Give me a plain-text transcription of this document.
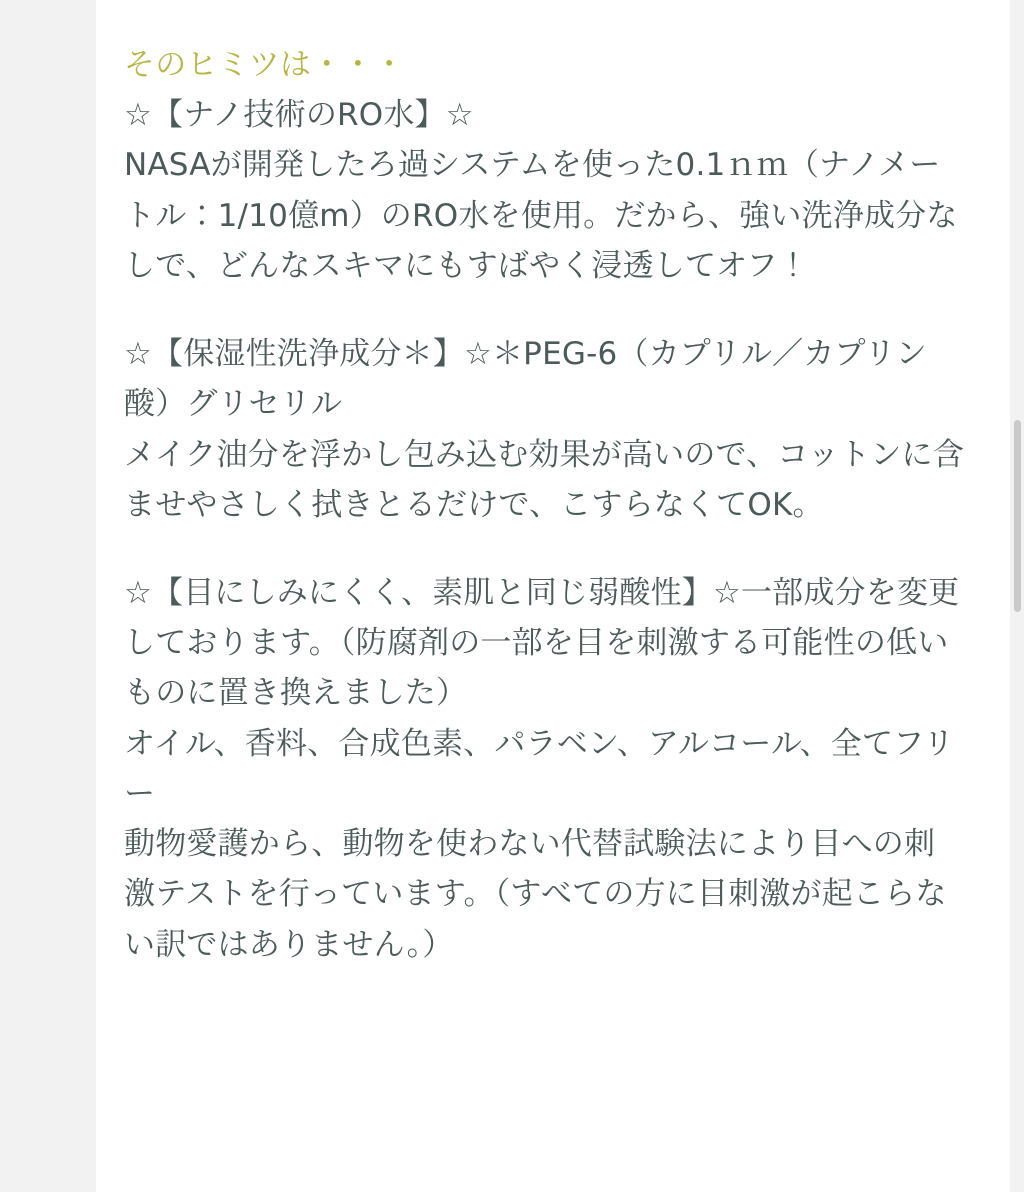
そのヒミツは・・・

☆【ナノ技術のRO水】☆

NASAが開発したろ過システムを使った0.1ｎｍ（ナノメートル：1/10億m）のRO水を使用。だから、強い洗浄成分なしで、どんなスキマにもすばやく浸透してオフ！

☆【保湿性洗浄成分＊】☆＊PEG-6（カプリル／カプリン酸）グリセリル

メイク油分を浮かし包み込む効果が高いので、コットンに含ませやさしく拭きとるだけで、こすらなくてOK。

☆【目にしみにくく、素肌と同じ弱酸性】☆一部成分を変更しております。（防腐剤の一部を目を刺激する可能性の低いものに置き換えました）

オイル、香料、合成色素、パラベン、アルコール、全てフリー

動物愛護から、動物を使わない代替試験法により目への刺激テストを行っています。（すべての方に目刺激が起こらない訳ではありません。）
